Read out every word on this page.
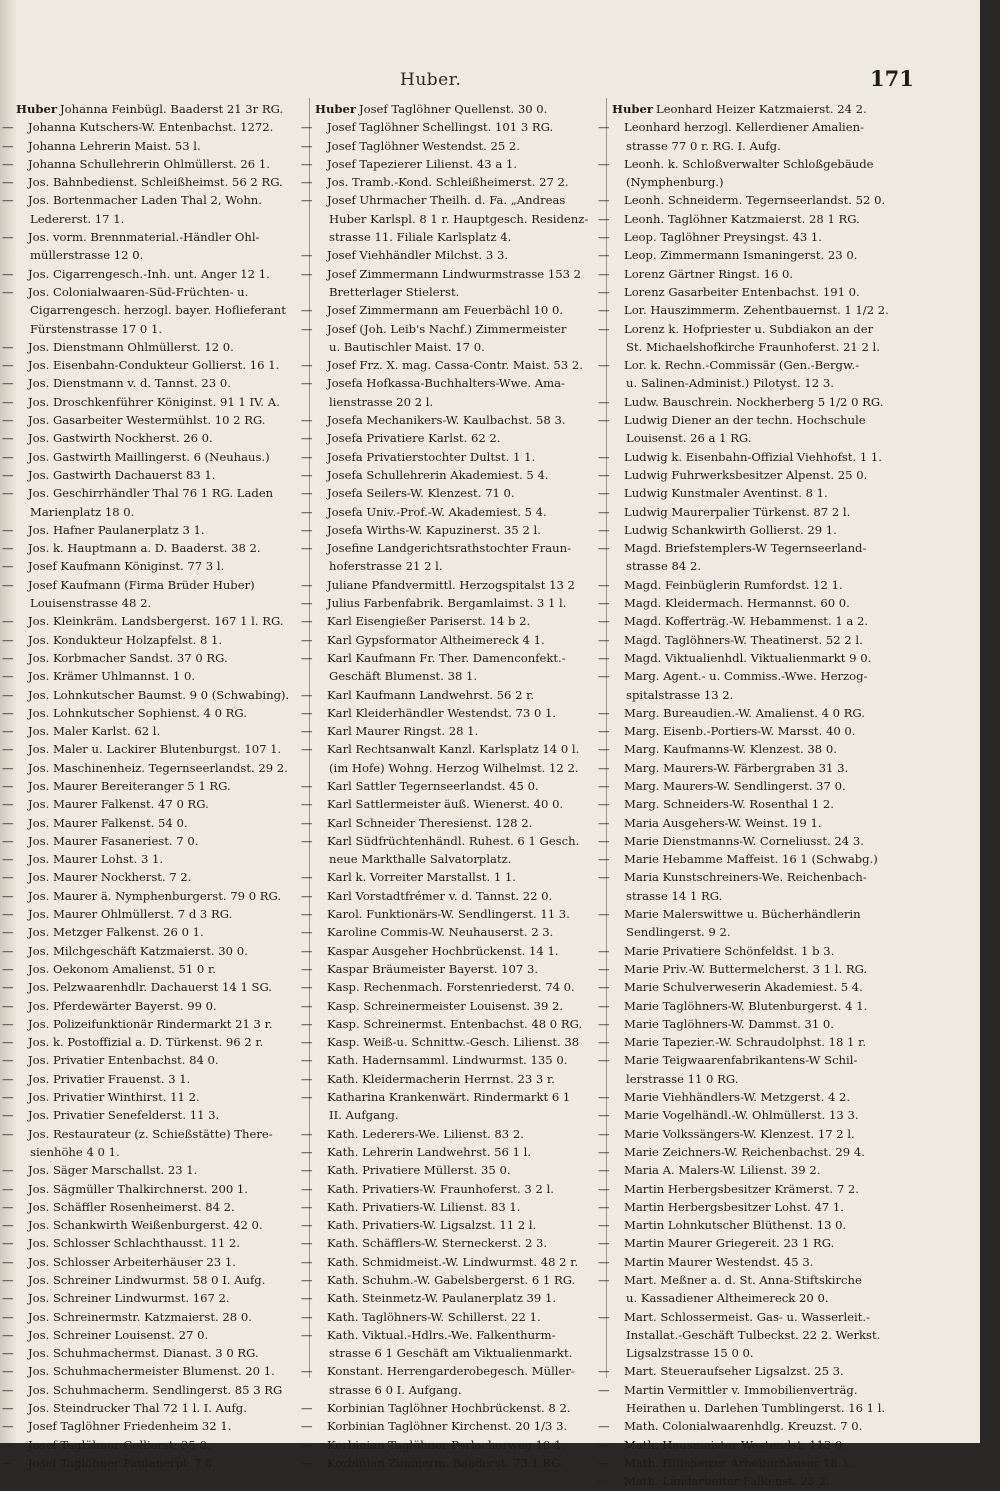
Huber.	171
Huber Johanna Feinbügl. Baaderst 21 3r RG.
— Johanna Kutschers-W. Entenbachst. 1272.
— Johanna Lehrerin Maist. 53 l.
— Johanna Schullehrerin Ohlmüllerst. 26 1.
— Jos. Bahnbedienst. Schleißheimst. 56 2 RG.
— Jos. Bortenmacher Laden Thal 2, Wohn.
Ledererst. 17 1.
— Jos. vorm. Brennmaterial.-Händler Ohl-
müllerstrasse 12 0.
— Jos. Cigarrengesch.-Inh. unt. Anger 12 1.
— Jos. Colonialwaaren-Süd-Früchten- u.
Cigarrengesch. herzogl. bayer. Hoflieferant
Fürstenstrasse 17 0 1.
— Jos. Dienstmann Ohlmüllerst. 12 0.
— Jos. Eisenbahn-Condukteur Gollierst. 16 1.
— Jos. Dienstmann v. d. Tannst. 23 0.
— Jos. Droschkenführer Königinst. 91 1 IV. A.
— Jos. Gasarbeiter Westermühlst. 10 2 RG.
— Jos. Gastwirth Nockherst. 26 0.
— Jos. Gastwirth Maillingerst. 6 (Neuhaus.)
— Jos. Gastwirth Dachauerst 83 1.
— Jos. Geschirrhändler Thal 76 1 RG. Laden
Marienplatz 18 0.
— Jos. Hafner Paulanerplatz 3 1.
— Jos. k. Hauptmann a. D. Baaderst. 38 2.
— Josef Kaufmann Königinst. 77 3 l.
— Josef Kaufmann (Firma Brüder Huber)
Louisenstrasse 48 2.
— Jos. Kleinkräm. Landsbergerst. 167 1 l. RG.
— Jos. Kondukteur Holzapfelst. 8 1.
— Jos. Korbmacher Sandst. 37 0 RG.
— Jos. Krämer Uhlmannst. 1 0.
— Jos. Lohnkutscher Baumst. 9 0 (Schwabing).
— Jos. Lohnkutscher Sophienst. 4 0 RG.
— Jos. Maler Karlst. 62 l.
— Jos. Maler u. Lackirer Blutenburgst. 107 1.
— Jos. Maschinenheiz. Tegernseerlandst. 29 2.
— Jos. Maurer Bereiteranger 5 1 RG.
— Jos. Maurer Falkenst. 47 0 RG.
— Jos. Maurer Falkenst. 54 0.
— Jos. Maurer Fasaneriest. 7 0.
— Jos. Maurer Lohst. 3 1.
— Jos. Maurer Nockherst. 7 2.
— Jos. Maurer ä. Nymphenburgerst. 79 0 RG.
— Jos. Maurer Ohlmüllerst. 7 d 3 RG.
— Jos. Metzger Falkenst. 26 0 1.
— Jos. Milchgeschäft Katzmaierst. 30 0.
— Jos. Oekonom Amalienst. 51 0 r.
— Jos. Pelzwaarenhdlr. Dachauerst 14 1 SG.
— Jos. Pferdewärter Bayerst. 99 0.
— Jos. Polizeifunktionär Rindermarkt 21 3 r.
— Jos. k. Postoffizial a. D. Türkenst. 96 2 r.
— Jos. Privatier Entenbachst. 84 0.
— Jos. Privatier Frauenst. 3 1.
— Jos. Privatier Winthirst. 11 2.
— Jos. Privatier Senefelderst. 11 3.
— Jos. Restaurateur (z. Schießstätte) There-
sienhöhe 4 0 1.
— Jos. Säger Marschallst. 23 1.
— Jos. Sägmüller Thalkirchnerst. 200 1.
— Jos. Schäffler Rosenheimerst. 84 2.
— Jos. Schankwirth Weißenburgerst. 42 0.
— Jos. Schlosser Schlachthausst. 11 2.
— Jos. Schlosser Arbeiterhäuser 23 1.
— Jos. Schreiner Lindwurmst. 58 0 I. Aufg.
— Jos. Schreiner Lindwurmst. 167 2.
— Jos. Schreinermstr. Katzmaierst. 28 0.
— Jos. Schreiner Louisenst. 27 0.
— Jos. Schuhmachermst. Dianast. 3 0 RG.
— Jos. Schuhmachermeister Blumenst. 20 1.
— Jos. Schuhmacherm. Sendlingerst. 85 3 RG
— Jos. Steindrucker Thal 72 1 l. I. Aufg.
— Josef Taglöhner Friedenheim 32 1.
— Josef Taglöhner Gollierst. 35 0.
— Josef Taglöhner Paulanerpl. 7 0.
Huber Josef Taglöhner Quellenst. 30 0.
— Josef Taglöhner Schellingst. 101 3 RG.
— Josef Taglöhner Westendst. 25 2.
— Josef Tapezierer Lilienst. 43 a 1.
— Jos. Tramb.-Kond. Schleißheimerst. 27 2.
— Josef Uhrmacher Theilh. d. Fa. „Andreas
Huber Karlspl. 8 1 r. Hauptgesch. Residenz-
strasse 11. Filiale Karlsplatz 4.
— Josef Viehhändler Milchst. 3 3.
— Josef Zimmermann Lindwurmstrasse 153 2
Bretterlager Stielerst.
— Josef Zimmermann am Feuerbächl 10 0.
— Josef (Joh. Leib's Nachf.) Zimmermeister
u. Bautischler Maist. 17 0.
— Josef Frz. X. mag. Cassa-Contr. Maist. 53 2.
— Josefa Hofkassa-Buchhalters-Wwe. Ama-
lienstrasse 20 2 l.
— Josefa Mechanikers-W. Kaulbachst. 58 3.
— Josefa Privatiere Karlst. 62 2.
— Josefa Privatierstochter Dultst. 1 1.
— Josefa Schullehrerin Akademiest. 5 4.
— Josefa Seilers-W. Klenzest. 71 0.
— Josefa Univ.-Prof.-W. Akademiest. 5 4.
— Josefa Wirths-W. Kapuzinerst. 35 2 l.
— Josefine Landgerichtsrathstochter Fraun-
hoferstrasse 21 2 l.
— Juliane Pfandvermittl. Herzogspitalst 13 2
— Julius Farbenfabrik. Bergamlaimst. 3 1 l.
— Karl Eisengießer Pariserst. 14 b 2.
— Karl Gypsformator Altheimereck 4 1.
— Karl Kaufmann Fr. Ther. Damenconfekt.-
Geschäft Blumenst. 38 1.
— Karl Kaufmann Landwehrst. 56 2 r.
— Karl Kleiderhändler Westendst. 73 0 1.
— Karl Maurer Ringst. 28 1.
— Karl Rechtsanwalt Kanzl. Karlsplatz 14 0 l.
(im Hofe) Wohng. Herzog Wilhelmst. 12 2.
— Karl Sattler Tegernseerlandst. 45 0.
— Karl Sattlermeister äuß. Wienerst. 40 0.
— Karl Schneider Theresienst. 128 2.
— Karl Südfrüchtenhändl. Ruhest. 6 1 Gesch.
neue Markthalle Salvatorplatz.
— Karl k. Vorreiter Marstallst. 1 1.
— Karl Vorstadtfrémer v. d. Tannst. 22 0.
— Karol. Funktionärs-W. Sendlingerst. 11 3.
— Karoline Commis-W. Neuhauserst. 2 3.
— Kaspar Ausgeher Hochbrückenst. 14 1.
— Kaspar Bräumeister Bayerst. 107 3.
— Kasp. Rechenmach. Forstenriederst. 74 0.
— Kasp. Schreinermeister Louisenst. 39 2.
— Kasp. Schreinermst. Entenbachst. 48 0 RG.
— Kasp. Weiß-u. Schnittw.-Gesch. Lilienst. 38
— Kath. Hadernsamml. Lindwurmst. 135 0.
— Kath. Kleidermacherin Herrnst. 23 3 r.
— Katharina Krankenwärt. Rindermarkt 6 1
II. Aufgang.
— Kath. Lederers-We. Lilienst. 83 2.
— Kath. Lehrerin Landwehrst. 56 1 l.
— Kath. Privatiere Müllerst. 35 0.
— Kath. Privatiers-W. Fraunhoferst. 3 2 l.
— Kath. Privatiers-W. Lilienst. 83 1.
— Kath. Privatiers-W. Ligsalzst. 11 2 l.
— Kath. Schäfflers-W. Sterneckerst. 2 3.
— Kath. Schmidmeist.-W. Lindwurmst. 48 2 r.
— Kath. Schuhm.-W. Gabelsbergerst. 6 1 RG.
— Kath. Steinmetz-W. Paulanerplatz 39 1.
— Kath. Taglöhners-W. Schillerst. 22 1.
— Kath. Viktual.-Hdlrs.-We. Falkenthurm-
strasse 6 1 Geschäft am Viktualienmarkt.
— Konstant. Herrengarderobegesch. Müller-
strasse 6 0 I. Aufgang.
— Korbinian Taglöhner Hochbrückenst. 8 2.
— Korbinian Taglöhner Kirchenst. 20 1/3 3.
— Korbinian Taglöhner Perlacherweg 10 1.
— Korbinian Zimmerm. Baaderst. 73 1 RG.
Huber Leonhard Heizer Katzmaierst. 24 2.
— Leonhard herzogl. Kellerdiener Amalien-
strasse 77 0 r. RG. I. Aufg.
— Leonh. k. Schloßverwalter Schloßgebäude
(Nymphenburg.)
— Leonh. Schneiderm. Tegernseerlandst. 52 0.
— Leonh. Taglöhner Katzmaierst. 28 1 RG.
— Leop. Taglöhner Preysingst. 43 1.
— Leop. Zimmermann Ismaningerst. 23 0.
— Lorenz Gärtner Ringst. 16 0.
— Lorenz Gasarbeiter Entenbachst. 191 0.
— Lor. Hauszimmerm. Zehentbauernst. 1 1/2 2.
— Lorenz k. Hofpriester u. Subdiakon an der
St. Michaelshofkirche Fraunhoferst. 21 2 l.
— Lor. k. Rechn.-Commissär (Gen.-Bergw.-
u. Salinen-Administ.) Pilotyst. 12 3.
— Ludw. Bauschrein. Nockherberg 5 1/2 0 RG.
— Ludwig Diener an der techn. Hochschule
Louisenst. 26 a 1 RG.
— Ludwig k. Eisenbahn-Offizial Viehhofst. 1 1.
— Ludwig Fuhrwerksbesitzer Alpenst. 25 0.
— Ludwig Kunstmaler Aventinst. 8 1.
— Ludwig Maurerpalier Türkenst. 87 2 l.
— Ludwig Schankwirth Gollierst. 29 1.
— Magd. Briefstemplers-W Tegernseerland-
strasse 84 2.
— Magd. Feinbüglerin Rumfordst. 12 1.
— Magd. Kleidermach. Hermannst. 60 0.
— Magd. Kofferträg.-W. Hebammenst. 1 a 2.
— Magd. Taglöhners-W. Theatinerst. 52 2 l.
— Magd. Viktualienhdl. Viktualienmarkt 9 0.
— Marg. Agent.- u. Commiss.-Wwe. Herzog-
spitalstrasse 13 2.
— Marg. Bureaudien.-W. Amalienst. 4 0 RG.
— Marg. Eisenb.-Portiers-W. Marsst. 40 0.
— Marg. Kaufmanns-W. Klenzest. 38 0.
— Marg. Maurers-W. Färbergraben 31 3.
— Marg. Maurers-W. Sendlingerst. 37 0.
— Marg. Schneiders-W. Rosenthal 1 2.
— Maria Ausgehers-W. Weinst. 19 1.
— Marie Dienstmanns-W. Corneliusst. 24 3.
— Marie Hebamme Maffeist. 16 1 (Schwabg.)
— Maria Kunstschreiners-We. Reichenbach-
strasse 14 1 RG.
— Marie Malerswittwe u. Bücherhändlerin
Sendlingerst. 9 2.
— Marie Privatiere Schönfeldst. 1 b 3.
— Marie Priv.-W. Buttermelcherst. 3 1 l. RG.
— Marie Schulverweserin Akademiest. 5 4.
— Marie Taglöhners-W. Blutenburgerst. 4 1.
— Marie Taglöhners-W. Dammst. 31 0.
— Marie Tapezier.-W. Schraudolphst. 18 1 r.
— Marie Teigwaarenfabrikantens-W Schil-
lerstrasse 11 0 RG.
— Marie Viehhändlers-W. Metzgerst. 4 2.
— Marie Vogelhändl.-W. Ohlmüllerst. 13 3.
— Marie Volkssängers-W. Klenzest. 17 2 l.
— Marie Zeichners-W. Reichenbachst. 29 4.
— Maria A. Malers-W. Lilienst. 39 2.
— Martin Herbergsbesitzer Krämerst. 7 2.
— Martin Herbergsbesitzer Lohst. 47 1.
— Martin Lohnkutscher Blüthenst. 13 0.
— Martin Maurer Griegereit. 23 1 RG.
— Martin Maurer Westendst. 45 3.
— Mart. Meßner a. d. St. Anna-Stiftskirche
u. Kassadiener Altheimereck 20 0.
— Mart. Schlossermeist. Gas- u. Wasserleit.-
Installat.-Geschäft Tulbeckst. 22 2. Werkst.
Ligsalzstrasse 15 0 0.
— Mart. Steueraufseher Ligsalzst. 25 3.
— Martin Vermittler v. Immobilienverträg.
Heirathen u. Darlehen Tumblingerst. 16 1 l.
— Math. Colonialwaarenhdlg. Kreuzst. 7 0.
— Math. Hausmeister Westendst. 113 0.
— Math. Hilfsheizer Arbeiterhäuser 18 1.
— Math. Ländarbeiter Falkenst. 25 2.
